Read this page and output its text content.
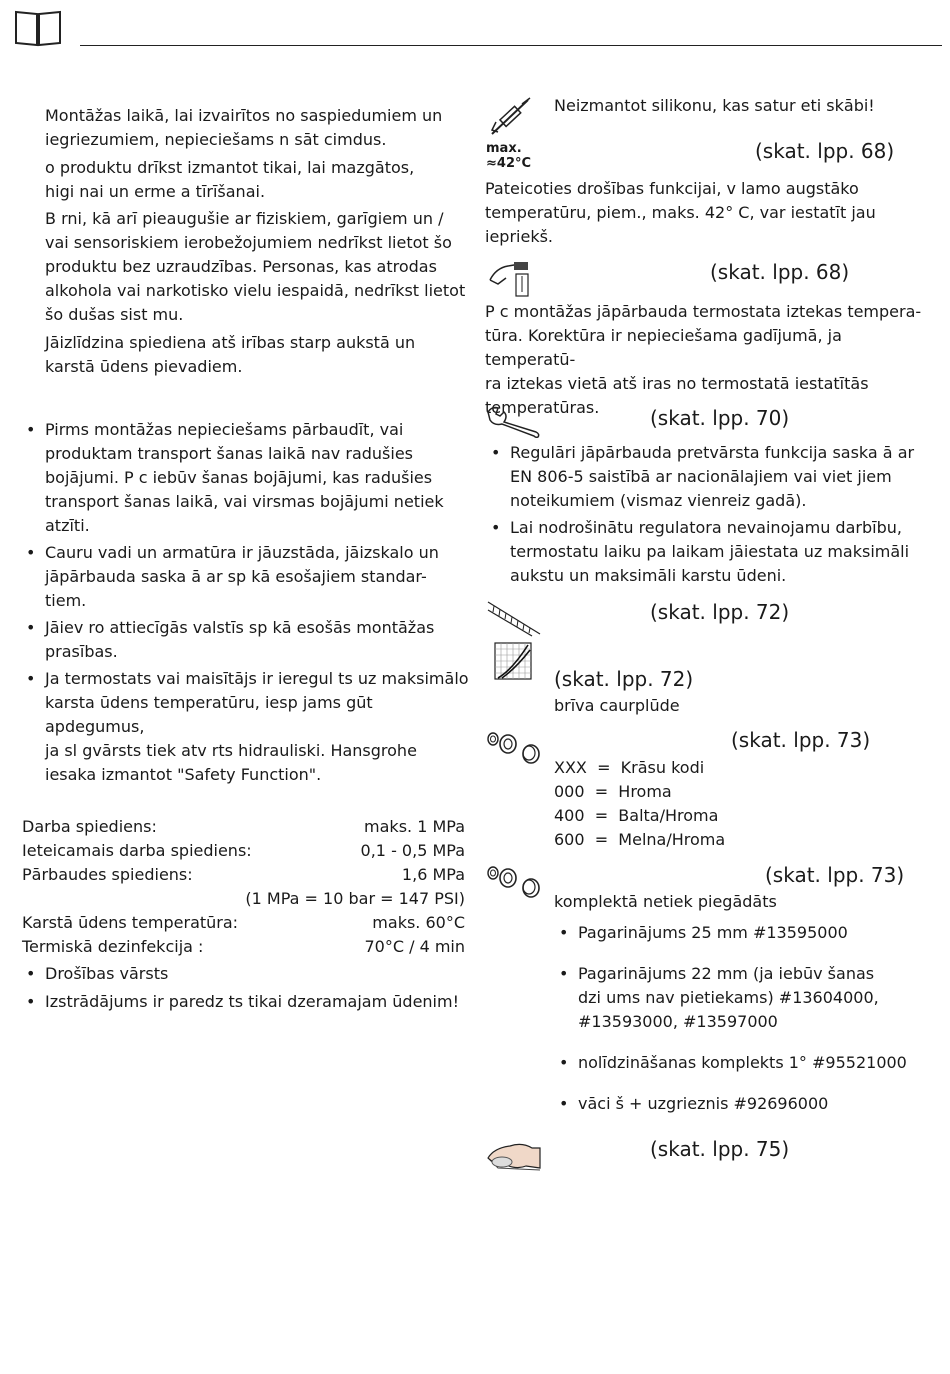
Montāžas laikā, lai izvairītos no saspiedumiem un
iegriezumiem, nepieciešams n sāt cimdus.
o produktu drīkst izmantot tikai, lai mazgātos,
higi nai un erme a tīrīšanai.
B rni, kā arī pieaugušie ar fiziskiem, garīgiem un /
vai sensoriskiem ierobežojumiem nedrīkst lietot šo
produktu bez uzraudzības. Personas, kas atrodas
alkohola vai narkotisko vielu iespaidā, nedrīkst lietot
šo dušas sist mu.
Jāizlīdzina spiediena atš irības starp aukstā un
karstā ūdens pievadiem.
• Pirms montāžas nepieciešams pārbaudīt, vai
produktam transport šanas laikā nav radušies
bojājumi. P c iebūv šanas bojājumi, kas radušies
transport šanas laikā, vai virsmas bojājumi netiek
atzīti.
• Cauru vadi un armatūra ir jāuzstāda, jāizskalo un
jāpārbauda saska ā ar sp kā esošajiem standar-
tiem.
• Jāiev ro attiecīgās valstīs sp kā esošās montāžas
prasības.
• Ja termostats vai maisītājs ir ieregul ts uz maksimālo
karsta ūdens temperatūru, iesp jams gūt apdegumus,
ja sl gvārsts tiek atv rts hidrauliski. Hansgrohe
iesaka izmantot "Safety Function".
Darba spiediens:	maks. 1 MPa
Ieteicamais darba spiediens:	0,1 - 0,5 MPa
Pārbaudes spiediens:	1,6 MPa
(1 MPa = 10 bar = 147 PSI)
Karstā ūdens temperatūra:	maks. 60°C
Termiskā dezinfekcija :	70°C / 4 min
• Drošības vārsts
• Izstrādājums ir paredz ts tikai dzeramajam ūdenim!
Neizmantot silikonu, kas satur eti skābi!
max.
≈42°C
(skat. lpp. 68)
Pateicoties drošības funkcijai, v lamo augstāko
temperatūru, piem., maks. 42° C, var iestatīt jau
iepriekš.
(skat. lpp. 68)
P c montāžas jāpārbauda termostata iztekas tempera-
tūra. Korektūra ir nepieciešama gadījumā, ja temperatū-
ra iztekas vietā atš iras no termostatā iestatītās
temperatūras.	(skat. lpp. 70)
• Regulāri jāpārbauda pretvārsta funkcija saska ā ar
EN 806-5 saistībā ar nacionālajiem vai viet jiem
noteikumiem (vismaz vienreiz gadā).
• Lai nodrošinātu regulatora nevainojamu darbību,
termostatu laiku pa laikam jāiestata uz maksimāli
aukstu un maksimāli karstu ūdeni.
(skat. lpp. 72)
(skat. lpp. 72)
brīva caurplūde
(skat. lpp. 73)
XXX = Krāsu kodi
000 = Hroma
400 = Balta/Hroma
600 = Melna/Hroma
(skat. lpp. 73)
komplektā netiek piegādāts
• Pagarinājums 25 mm #13595000
• Pagarinājums 22 mm (ja iebūv šanas
dzi ums nav pietiekams) #13604000,
#13593000, #13597000
• nolīdzināšanas komplekts 1° #95521000
• vāci š + uzgrieznis #92696000
(skat. lpp. 75)
